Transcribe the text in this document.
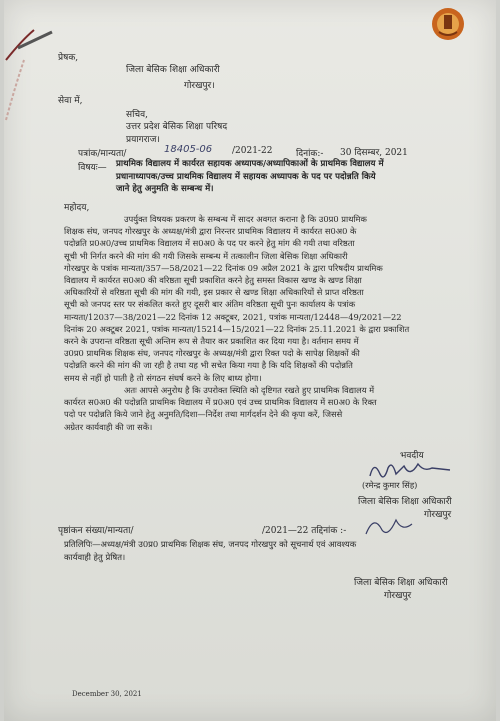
प्रेषक,
जिला बेसिक शिक्षा अधिकारी
गोरखपुर।
सेवा में,
सचिव,
उत्तर प्रदेश बेसिक शिक्षा परिषद
प्रयागराज।
पत्रांक/मान्यता/	18405-06 /2021-22	दिनांक:- 30 दिसम्बर, 2021
विषयः— प्राथमिक विद्यालय में कार्यरत सहायक अध्यापक/अध्यापिकाओं के प्राथमिक विद्यालय में
प्रधानाध्यापक/उच्च प्राथमिक विद्यालय में सहायक अध्यापक के पद पर पदोन्नति किये
जाने हेतु अनुमति के सम्बन्ध में।
महोदय,
उपर्युक्त विषयक प्रकरण के सम्बन्ध में सादर अवगत कराना है कि उ0प्र0 प्राथमिक
शिक्षक संघ, जनपद गोरखपुर के अध्यक्ष/मंत्री द्वारा निरन्तर प्राथमिक विद्यालय में कार्यरत स0अ0 के
पदोन्नति प्र0अ0/उच्च प्राथमिक विद्यालय में स0अ0 के पद पर करने हेतु मांग की गयी तथा वरिष्ठता
सूची भी निर्गत करने की मांग की गयी जिसके सम्बन्ध में तत्कालीन जिला बेसिक शिक्षा अधिकारी
गोरखपुर के पत्रांक मान्यता/357—58/2021—22 दिनांक 09 अप्रैल 2021 के द्वारा परिषदीय प्राथमिक
विद्यालय में कार्यरत स0अ0 की वरिष्ठता सूची प्रकाशित करने हेतु समस्त विकास खण्ड के खण्ड शिक्षा
अधिकारियों से वरिष्ठता सूची की मांग की गयी, इस प्रकार से खण्ड शिक्षा अधिकारियों से प्राप्त वरिष्ठता
सूची को जनपद स्तर पर संकलित करते हुए दूसरी बार अंतिम वरिष्ठता सूची पुनः कार्यालय के पत्रांक
मान्यता/12037—38/2021—22 दिनांक 12 अक्टूबर, 2021, पत्रांक मान्यता/12448—49/2021—22
दिनांक 20 अक्टूबर 2021, पत्रांक मान्यता/15214—15/2021—22 दिनांक 25.11.2021 के द्वारा प्रकाशित
करने के उपरान्त वरिष्ठता सूची अन्तिम रूप से तैयार कर प्रकाशित कर दिया गया है। वर्तमान समय में
उ0प्र0 प्राथमिक शिक्षक संघ, जनपद गोरखपुर के अध्यक्ष/मंत्री द्वारा रिक्त पदो के सापेक्ष शिक्षकों की
पदोन्नति करने की मांग की जा रही है तथा यह भी सचेत किया गया है कि यदि शिक्षकों की पदोन्नति
समय से नहीं हो पाती है तो संगठन संघर्ष करने के लिए बाध्य होगा।
अतः आपसे अनुरोध है कि उपरोक्त स्थिति को दृष्टिगत रखते हुए प्राथमिक विद्यालय में
कार्यरत स0अ0 की पदोन्नति प्राथमिक विद्यालय में प्र0अ0 एवं उच्च प्राथमिक विद्यालय में स0अ0 के रिक्त
पदो पर पदोन्नति किये जाने हेतु अनुमति/दिशा—निर्देश तथा मार्गदर्शन देने की कृपा करें, जिससे
अग्रेतर कार्यवाही की जा सकें।
भवदीय
(रमेन्द्र कुमार सिंह)
जिला बेसिक शिक्षा अधिकारी
गोरखपुर
पृष्ठांकन संख्या/मान्यता/	/2021—22 तद्दिनांक :-
प्रतिलिपिः—अध्यक्ष/मंत्री उ0प्र0 प्राथमिक शिक्षक संघ, जनपद गोरखपुर को सूचनार्थ एवं आवश्यक
कार्यवाही हेतु प्रेषित।
जिला बेसिक शिक्षा अधिकारी
गोरखपुर
December 30, 2021
